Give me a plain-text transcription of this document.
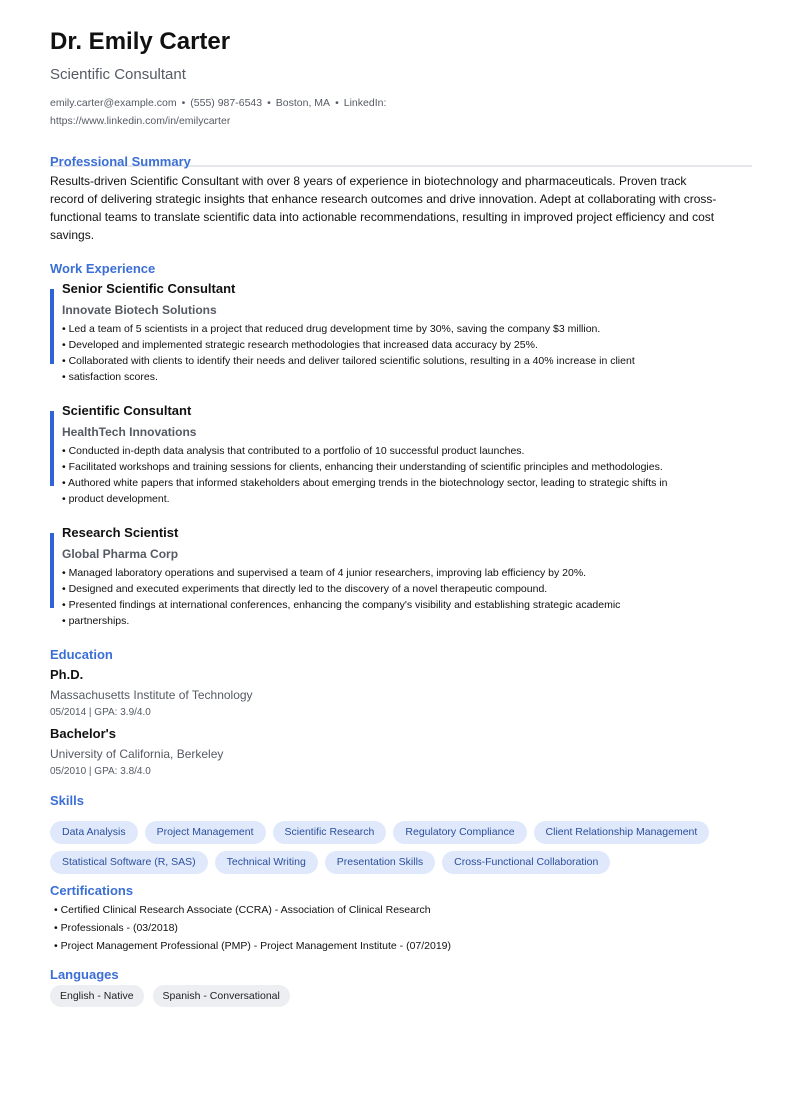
Dr. Emily Carter
Scientific Consultant
emily.carter@example.com • (555) 987-6543 • Boston, MA • LinkedIn: https://www.linkedin.com/in/emilycarter
Professional Summary
Results-driven Scientific Consultant with over 8 years of experience in biotechnology and pharmaceuticals. Proven track record of delivering strategic insights that enhance research outcomes and drive innovation. Adept at collaborating with cross-functional teams to translate scientific data into actionable recommendations, resulting in improved project efficiency and cost savings.
Work Experience
Senior Scientific Consultant
Innovate Biotech Solutions
• Led a team of 5 scientists in a project that reduced drug development time by 30%, saving the company $3 million.
• Developed and implemented strategic research methodologies that increased data accuracy by 25%.
• Collaborated with clients to identify their needs and deliver tailored scientific solutions, resulting in a 40% increase in client
• satisfaction scores.
Scientific Consultant
HealthTech Innovations
• Conducted in-depth data analysis that contributed to a portfolio of 10 successful product launches.
• Facilitated workshops and training sessions for clients, enhancing their understanding of scientific principles and methodologies.
• Authored white papers that informed stakeholders about emerging trends in the biotechnology sector, leading to strategic shifts in
• product development.
Research Scientist
Global Pharma Corp
• Managed laboratory operations and supervised a team of 4 junior researchers, improving lab efficiency by 20%.
• Designed and executed experiments that directly led to the discovery of a novel therapeutic compound.
• Presented findings at international conferences, enhancing the company's visibility and establishing strategic academic
• partnerships.
Education
Ph.D.
Massachusetts Institute of Technology
05/2014 | GPA: 3.9/4.0
Bachelor's
University of California, Berkeley
05/2010 | GPA: 3.8/4.0
Skills
Data Analysis	Project Management	Scientific Research	Regulatory Compliance	Client Relationship Management
Statistical Software (R, SAS)	Technical Writing	Presentation Skills	Cross-Functional Collaboration
Certifications
• Certified Clinical Research Associate (CCRA) - Association of Clinical Research
• Professionals - (03/2018)
• Project Management Professional (PMP) - Project Management Institute - (07/2019)
Languages
English - Native	Spanish - Conversational
